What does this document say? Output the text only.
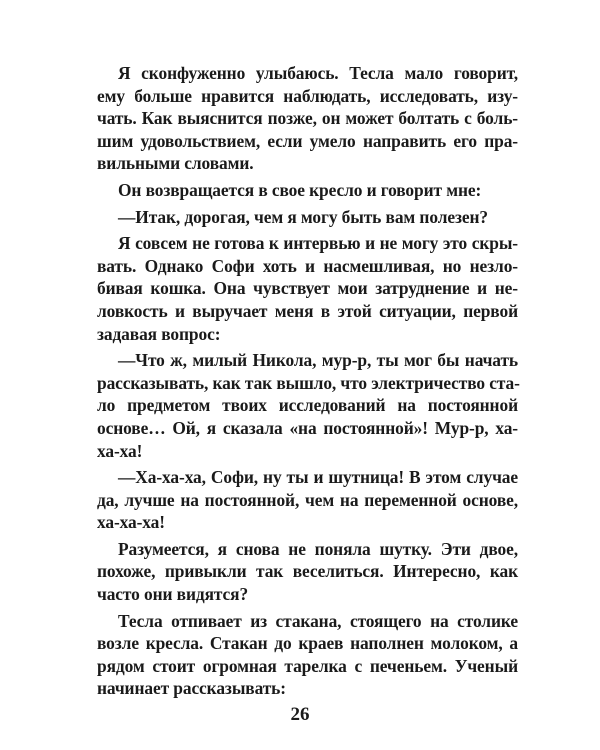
Я сконфуженно улыбаюсь. Тесла мало говорит,
ему больше нравится наблюдать, исследовать, изу-
чать. Как выяснится позже, он может болтать с боль-
шим удовольствием, если умело направить его пра-
вильными словами.
Он возвращается в свое кресло и говорит мне:
—Итак, дорогая, чем я могу быть вам полезен?
Я совсем не готова к интервью и не могу это скры-
вать. Однако Софи хоть и насмешливая, но незло-
бивая кошка. Она чувствует мои затруднение и не-
ловкость и выручает меня в этой ситуации, первой
задавая вопрос:
—Что ж, милый Никола, мур-р, ты мог бы начать
рассказывать, как так вышло, что электричество ста-
ло предметом твоих исследований на постоянной
основе… Ой, я сказала «на постоянной»! Мур-р, ха-
ха-ха!
—Ха-ха-ха, Софи, ну ты и шутница! В этом случае
да, лучше на постоянной, чем на переменной основе,
ха-ха-ха!
Разумеется, я снова не поняла шутку. Эти двое,
похоже, привыкли так веселиться. Интересно, как
часто они видятся?
Тесла отпивает из стакана, стоящего на столике
возле кресла. Стакан до краев наполнен молоком, а
рядом стоит огромная тарелка с печеньем. Ученый
начинает рассказывать:
26
